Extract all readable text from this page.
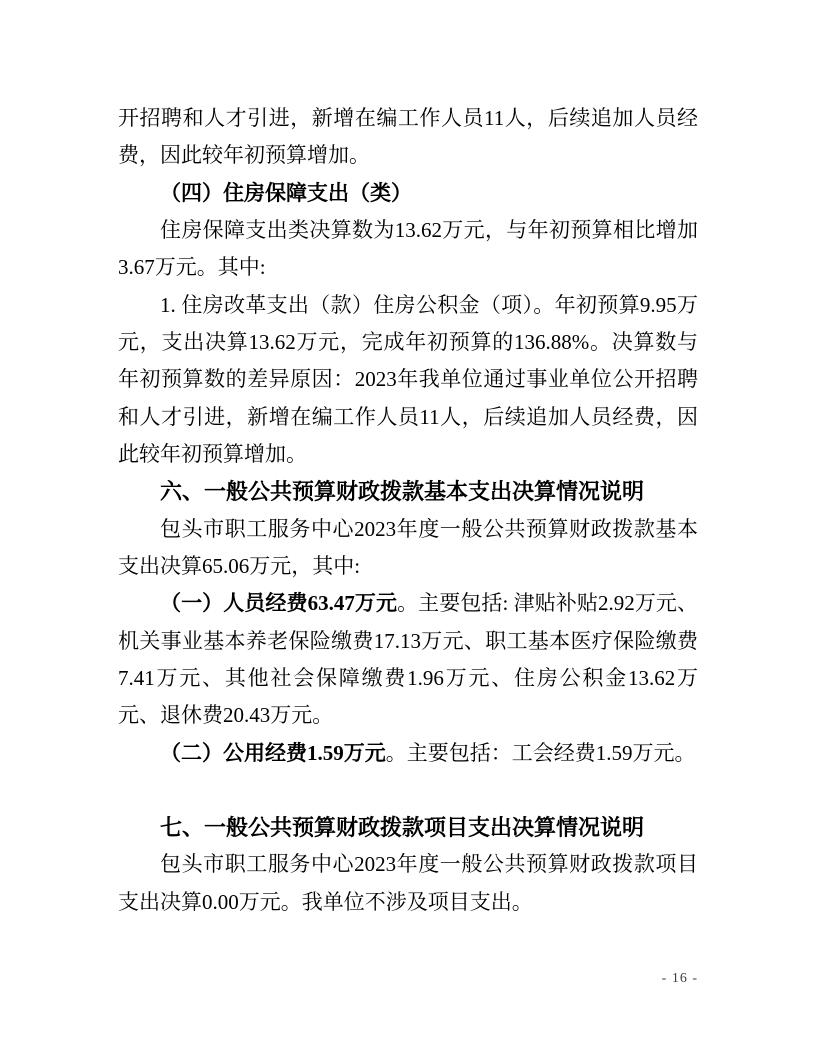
开招聘和人才引进，新增在编工作人员11人，后续追加人员经费，因此较年初预算增加。

（四）住房保障支出（类）

住房保障支出类决算数为13.62万元，与年初预算相比增加3.67万元。其中:

1. 住房改革支出（款）住房公积金（项）。年初预算9.95万元，支出决算13.62万元，完成年初预算的136.88%。决算数与年初预算数的差异原因：2023年我单位通过事业单位公开招聘和人才引进，新增在编工作人员11人，后续追加人员经费，因此较年初预算增加。

六、一般公共预算财政拨款基本支出决算情况说明

包头市职工服务中心2023年度一般公共预算财政拨款基本支出决算65.06万元，其中:

（一）人员经费63.47万元。主要包括: 津贴补贴2.92万元、机关事业基本养老保险缴费17.13万元、职工基本医疗保险缴费7.41万元、其他社会保障缴费1.96万元、住房公积金13.62万元、退休费20.43万元。

（二）公用经费1.59万元。主要包括：工会经费1.59万元。

七、一般公共预算财政拨款项目支出决算情况说明

包头市职工服务中心2023年度一般公共预算财政拨款项目支出决算0.00万元。我单位不涉及项目支出。

- 16 -
